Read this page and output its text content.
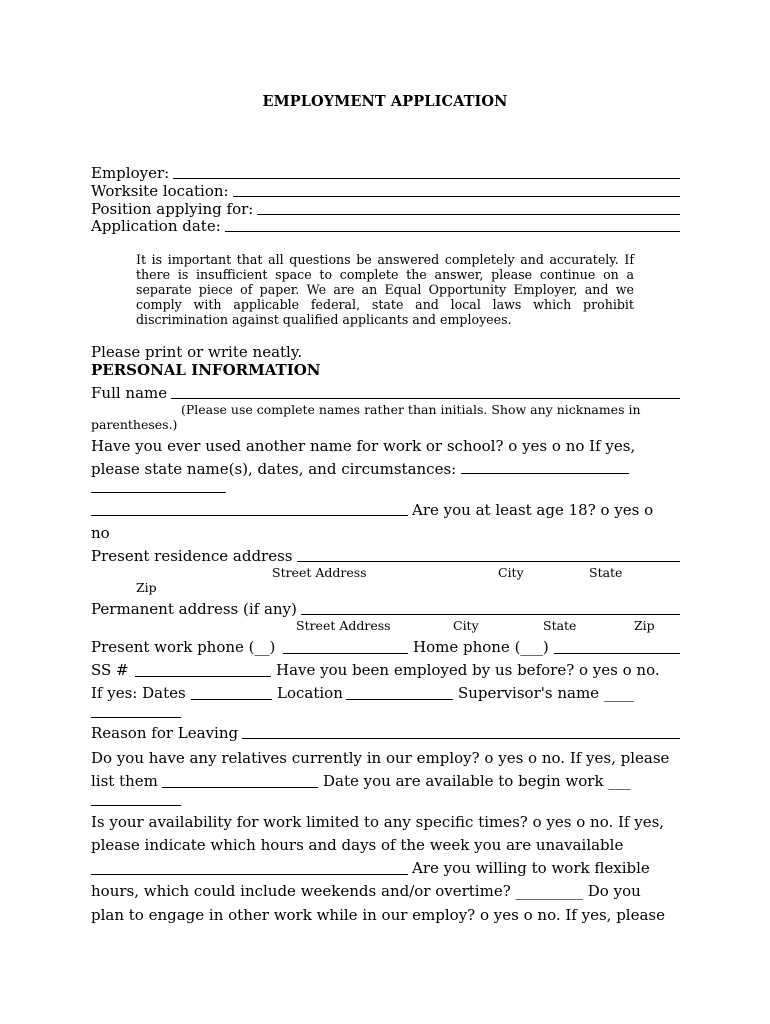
EMPLOYMENT APPLICATION
Employer:
Worksite location:
Position applying for:
Application date:
It is important that all questions be answered completely and accurately. If there is insufficient space to complete the answer, please continue on a separate piece of paper. We are an Equal Opportunity Employer, and we comply with applicable federal, state and local laws which prohibit discrimination against qualified applicants and employees.
Please print or write neatly.
PERSONAL INFORMATION
Full name
(Please use complete names rather than initials. Show any nicknames in
parentheses.)
Have you ever used another name for work or school? o yes o no If yes,
please state name(s), dates, and circumstances:
Are you at least age 18? o yes o
no
Present residence address
Street Address	City	State
Zip
Permanent address (if any)
Street Address	City	State	Zip
Present work phone (__)	Home phone (___)
SS #	Have you been employed by us before? o yes o no.
If yes: Dates	Location	Supervisor's name ____
Reason for Leaving
Do you have any relatives currently in our employ? o yes o no. If yes, please
list them	Date you are available to begin work ___
Is your availability for work limited to any specific times? o yes o no. If yes,
please indicate which hours and days of the week you are unavailable
Are you willing to work flexible
hours, which could include weekends and/or overtime? _________ Do you
plan to engage in other work while in our employ? o yes o no. If yes, please
